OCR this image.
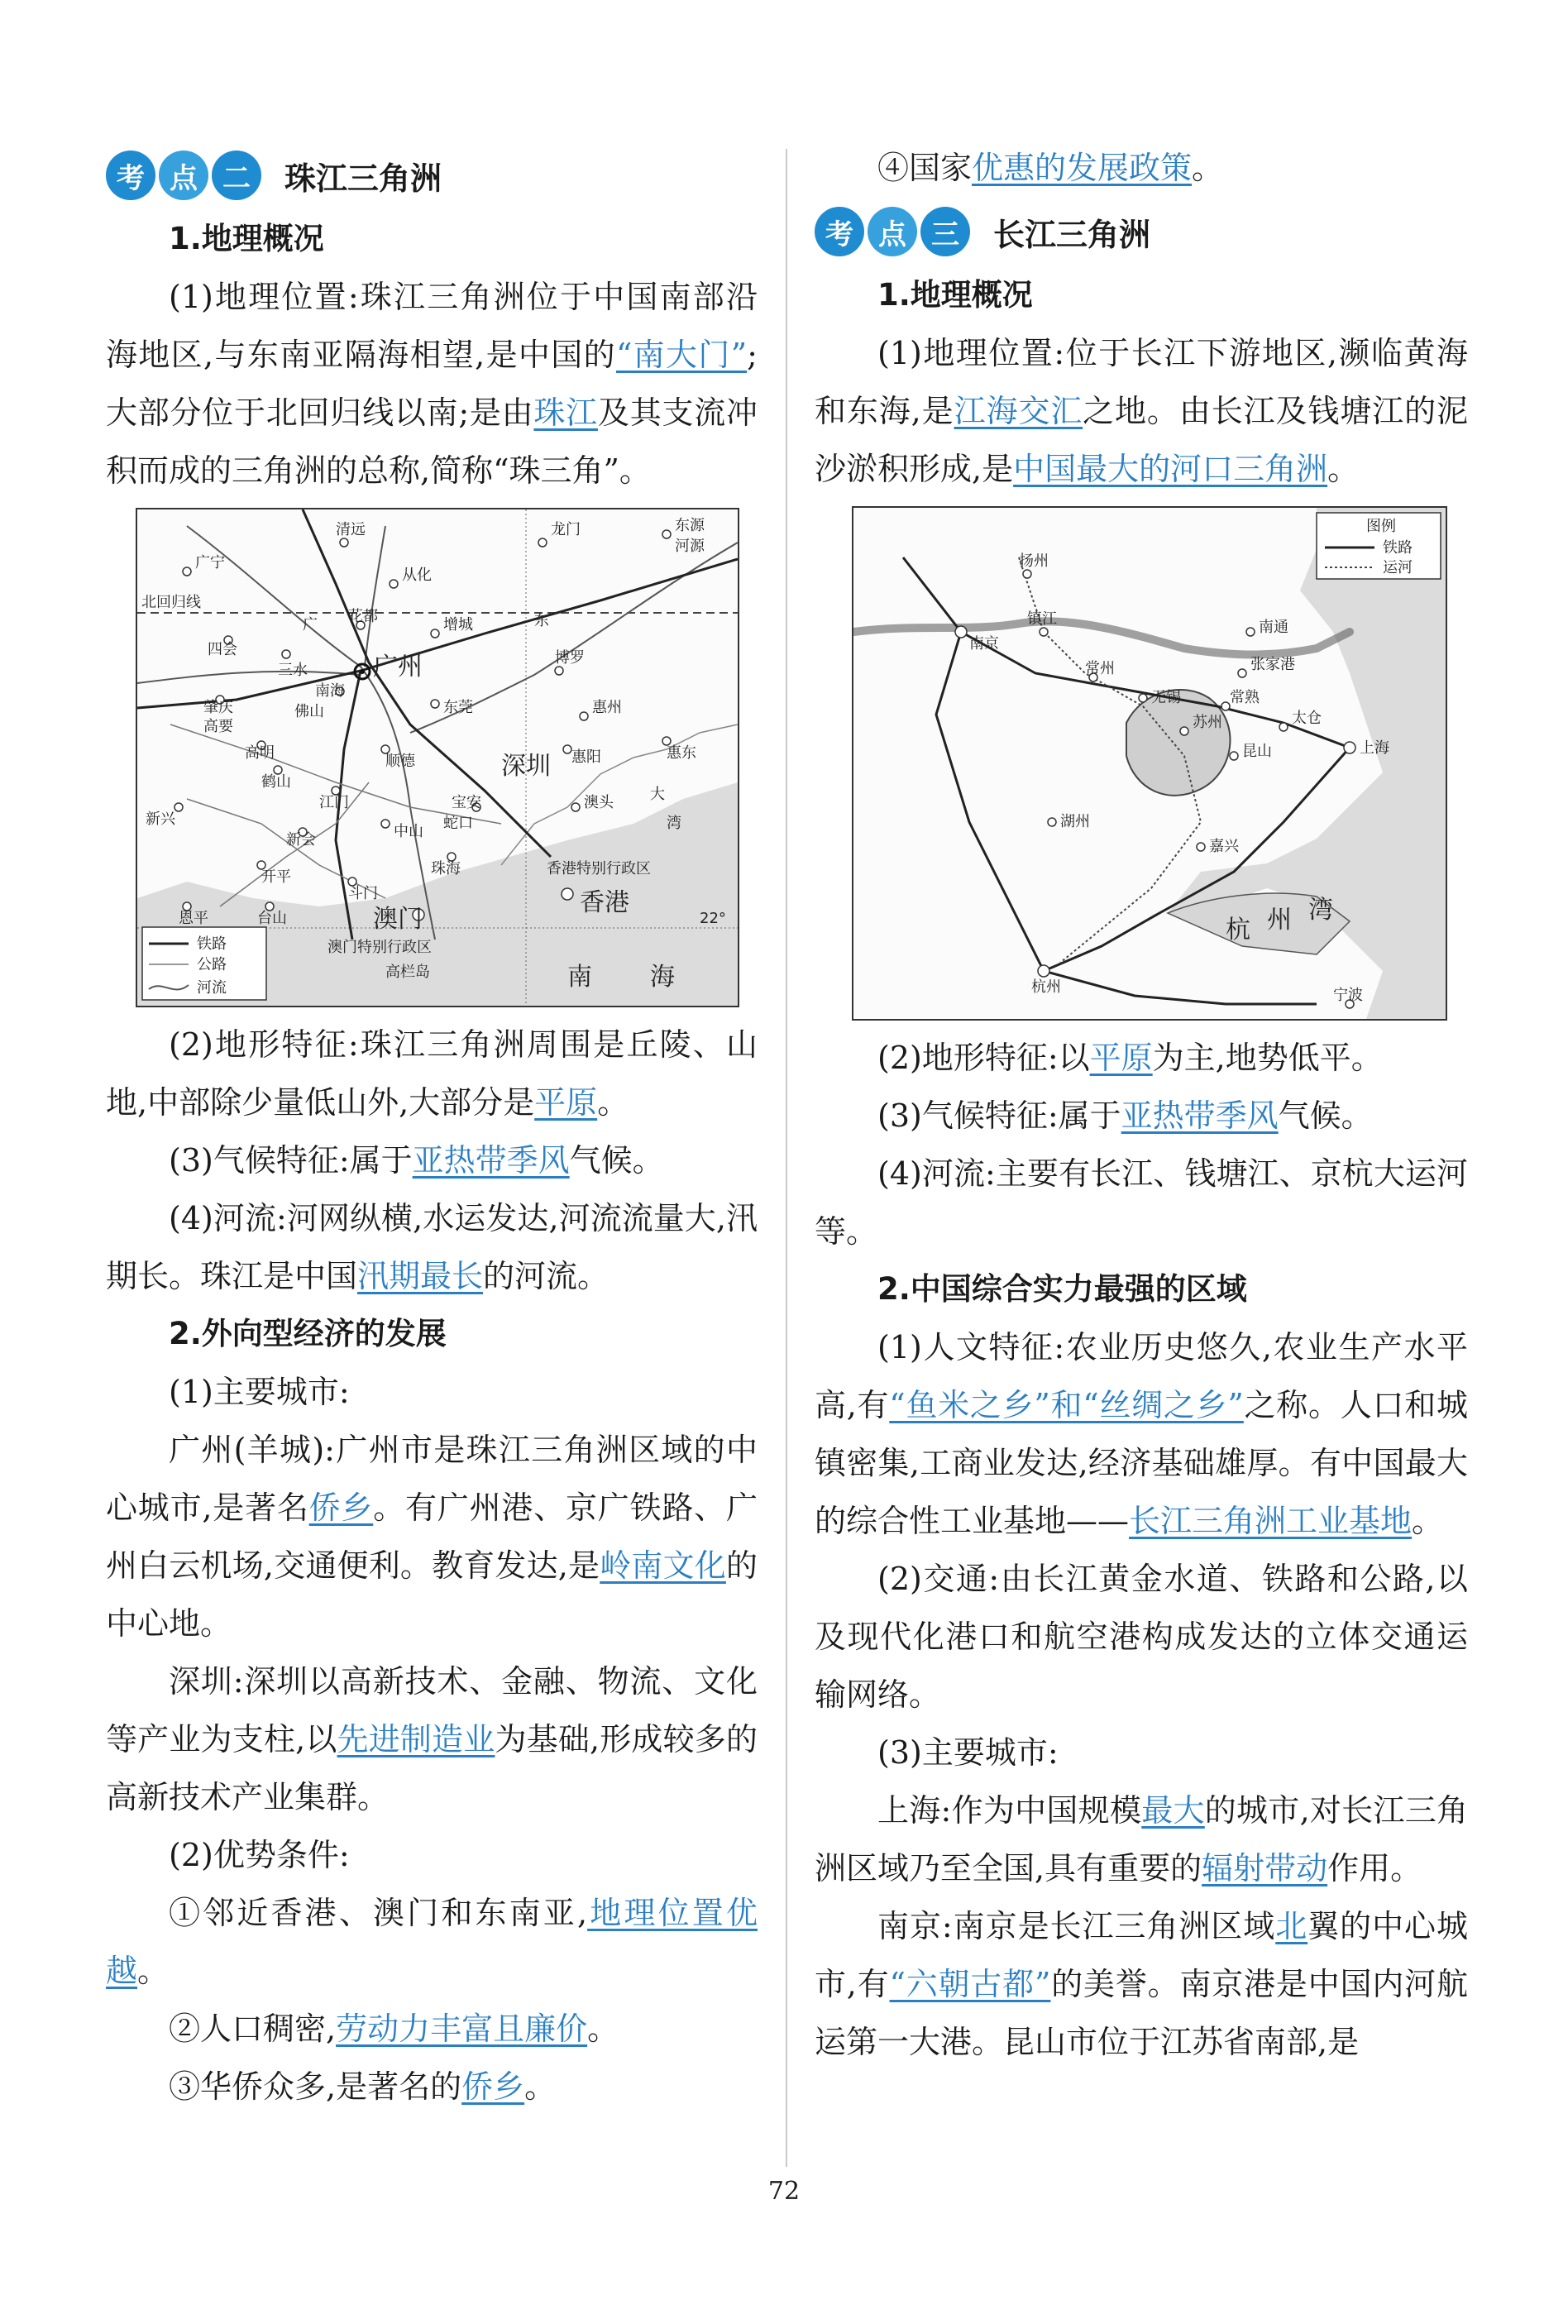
考 点 二	珠江三角洲

1.地理概况

(1)地理位置:珠江三角洲位于中国南部沿海地区,与东南亚隔海相望,是中国的“南大门”;大部分位于北回归线以南;是由珠江及其支流冲积而成的三角洲的总称,简称“珠三角”。

清远	龙门	东源
河源
广宁
从化
北回归线
四会
花都	增城	东
广
三水	广州	博罗
南海
佛山	东莞	惠州
肇庆
高要
高明
鹤山
顺德	深圳 惠阳	惠东
新兴
江门
中山
新会
宝安
蛇口
澳头
珠海
大
湾
开平
斗门
香港特别行政区
恩平	台山	澳门
香港
澳门特别行政区
高栏岛	南 海
铁路
公路
河流
22°

(2)地形特征:珠江三角洲周围是丘陵、山地,中部除少量低山外,大部分是平原。

(3)气候特征:属于亚热带季风气候。

(4)河流:河网纵横,水运发达,河流流量大,汛期长。珠江是中国汛期最长的河流。

2.外向型经济的发展

(1)主要城市:

广州(羊城):广州市是珠江三角洲区域的中心城市,是著名侨乡。有广州港、京广铁路、广州白云机场,交通便利。教育发达,是岭南文化的中心地。

深圳:深圳以高新技术、金融、物流、文化等产业为支柱,以先进制造业为基础,形成较多的高新技术产业集群。

(2)优势条件:

①邻近香港、澳门和东南亚,地理位置优越。

②人口稠密,劳动力丰富且廉价。

③华侨众多,是著名的侨乡。

④国家优惠的发展政策。

考 点 三	长江三角洲

1.地理概况

(1)地理位置:位于长江下游地区,濒临黄海和东海,是江海交汇之地。由长江及钱塘江的泥沙淤积形成,是中国最大的河口三角洲。

扬州
南京
镇江	南通
常州	张家港
无锡	常熟
苏州	太仓
昆山	上海
湖州
嘉兴
杭 州 湾
杭州	宁波
图例
铁路
运河

(2)地形特征:以平原为主,地势低平。

(3)气候特征:属于亚热带季风气候。

(4)河流:主要有长江、钱塘江、京杭大运河等。

2.中国综合实力最强的区域

(1)人文特征:农业历史悠久,农业生产水平高,有“鱼米之乡”和“丝绸之乡”之称。人口和城镇密集,工商业发达,经济基础雄厚。有中国最大的综合性工业基地——长江三角洲工业基地。

(2)交通:由长江黄金水道、铁路和公路,以及现代化港口和航空港构成发达的立体交通运输网络。

(3)主要城市:

上海:作为中国规模最大的城市,对长江三角洲区域乃至全国,具有重要的辐射带动作用。

南京:南京是长江三角洲区域北翼的中心城市,有“六朝古都”的美誉。南京港是中国内河航运第一大港。昆山市位于江苏省南部,是

72
